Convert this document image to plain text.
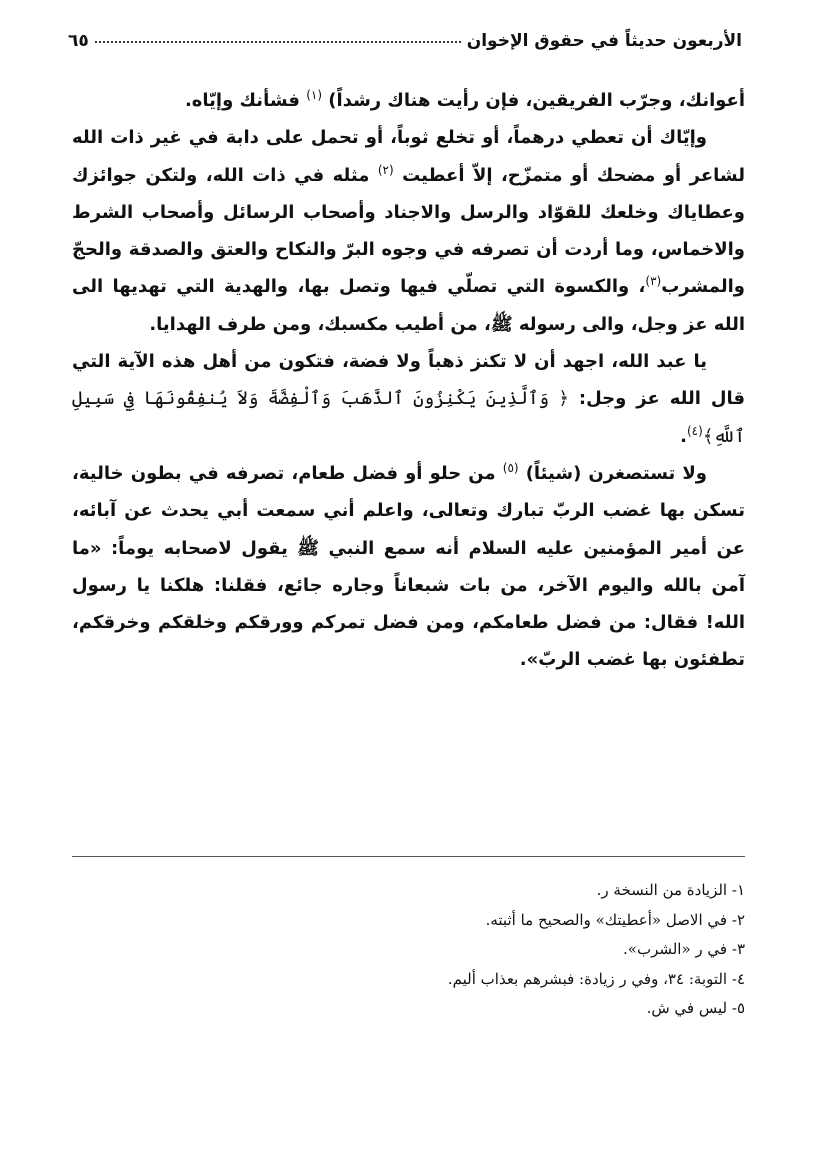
الأربعون حديثاً في حقوق الإخوان
٦٥

أعوانك، وجرّب الفريقين، فإن رأيت هناك رشداً) $^{(١)}$ فشأنك وإيّاه.

وإيّاك أن تعطي درهماً، أو تخلع ثوباً، أو تحمل على دابة في غير ذات الله لشاعر أو مضحك أو متمزّح، إلاّ أعطيت $^{(٢)}$ مثله في ذات الله، ولتكن جوائزك وعطاياك وخلعك للقوّاد والرسل والاجناد وأصحاب الرسائل وأصحاب الشرط والاخماس، وما أردت أن تصرفه في وجوه البرّ والنكاح والعتق والصدقة والحجّ والمشرب$^{(٣)}$، والكسوة التي تصلّي فيها وتصل بها، والهدية التي تهديها الى الله عز وجل، والى رسوله ﷺ، من أطيب مكسبك، ومن طرف الهدايا.

يا عبد الله، اجهد أن لا تكنز ذهباً ولا فضة، فتكون من أهل هذه الآية التي قال الله عز وجل: ﴿ وَٱلَّذِينَ يَكْنِزُونَ ٱلذَّهَبَ وَٱلْفِضَّةَ وَلاَ يُنفِقُونَهَا فِي سَبِيلِ ٱللَّهِ﴾$^{(٤)}$.

ولا تستصغرن (شيئاً) $^{(٥)}$ من حلو أو فضل طعام، تصرفه في بطون خالية، تسكن بها غضب الربّ تبارك وتعالى، واعلم أني سمعت أبي يحدث عن آبائه، عن أمير المؤمنين عليه السلام أنه سمع النبي ﷺ يقول لاصحابه يوماً: «ما آمن بالله واليوم الآخر، من بات شبعاناً وجاره جائع، فقلنا: هلكنا يا رسول الله! فقال: من فضل طعامكم، ومن فضل تمركم وورقكم وخلقكم وخرقكم، تطفئون بها غضب الربّ».

١- الزيادة من النسخة ر.
٢- في الاصل «أعطيتك» والصحيح ما أثبته.
٣- في ر «الشرب».
٤- التوبة: ٣٤، وفي ر زيادة: فبشرهم بعذاب أليم.
٥- ليس في ش.
